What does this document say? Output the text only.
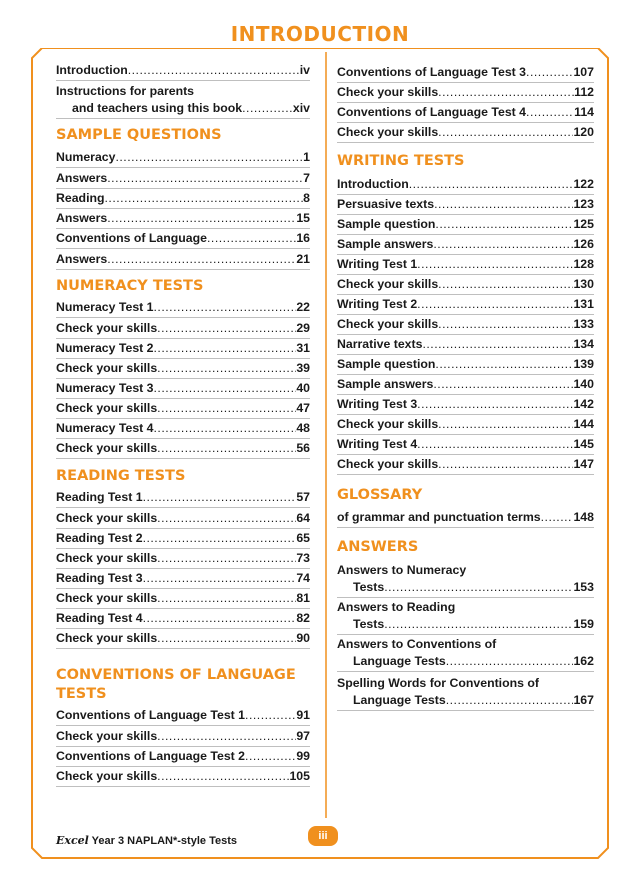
INTRODUCTION
Introduction .....	iv
Instructions for parents
and teachers using this book .....	xiv
SAMPLE QUESTIONS
Numeracy .....	1
Answers .....	7
Reading .....	8
Answers .....	15
Conventions of Language .....	16
Answers .....	21
NUMERACY TESTS
Numeracy Test 1 .....	22
Check your skills .....	29
Numeracy Test 2 .....	31
Check your skills .....	39
Numeracy Test 3 .....	40
Check your skills .....	47
Numeracy Test 4 .....	48
Check your skills .....	56
READING TESTS
Reading Test 1 .....	57
Check your skills .....	64
Reading Test 2 .....	65
Check your skills .....	73
Reading Test 3 .....	74
Check your skills .....	81
Reading Test 4 .....	82
Check your skills .....	90
CONVENTIONS OF LANGUAGE
TESTS
Conventions of Language Test 1 .....	91
Check your skills .....	97
Conventions of Language Test 2 .....	99
Check your skills .....	105
Conventions of Language Test 3 .....	107
Check your skills .....	112
Conventions of Language Test 4 .....	114
Check your skills .....	120
WRITING TESTS
Introduction .....	122
Persuasive texts .....	123
Sample question .....	125
Sample answers .....	126
Writing Test 1 .....	128
Check your skills .....	130
Writing Test 2 .....	131
Check your skills .....	133
Narrative texts .....	134
Sample question .....	139
Sample answers .....	140
Writing Test 3 .....	142
Check your skills .....	144
Writing Test 4 .....	145
Check your skills .....	147
GLOSSARY
of grammar and punctuation terms .....	148
ANSWERS
Answers to Numeracy
Tests .....	153
Answers to Reading
Tests .....	159
Answers to Conventions of
Language Tests .....	162
Spelling Words for Conventions of
Language Tests .....	167
Excel Year 3 NAPLAN*-style Tests	iii
